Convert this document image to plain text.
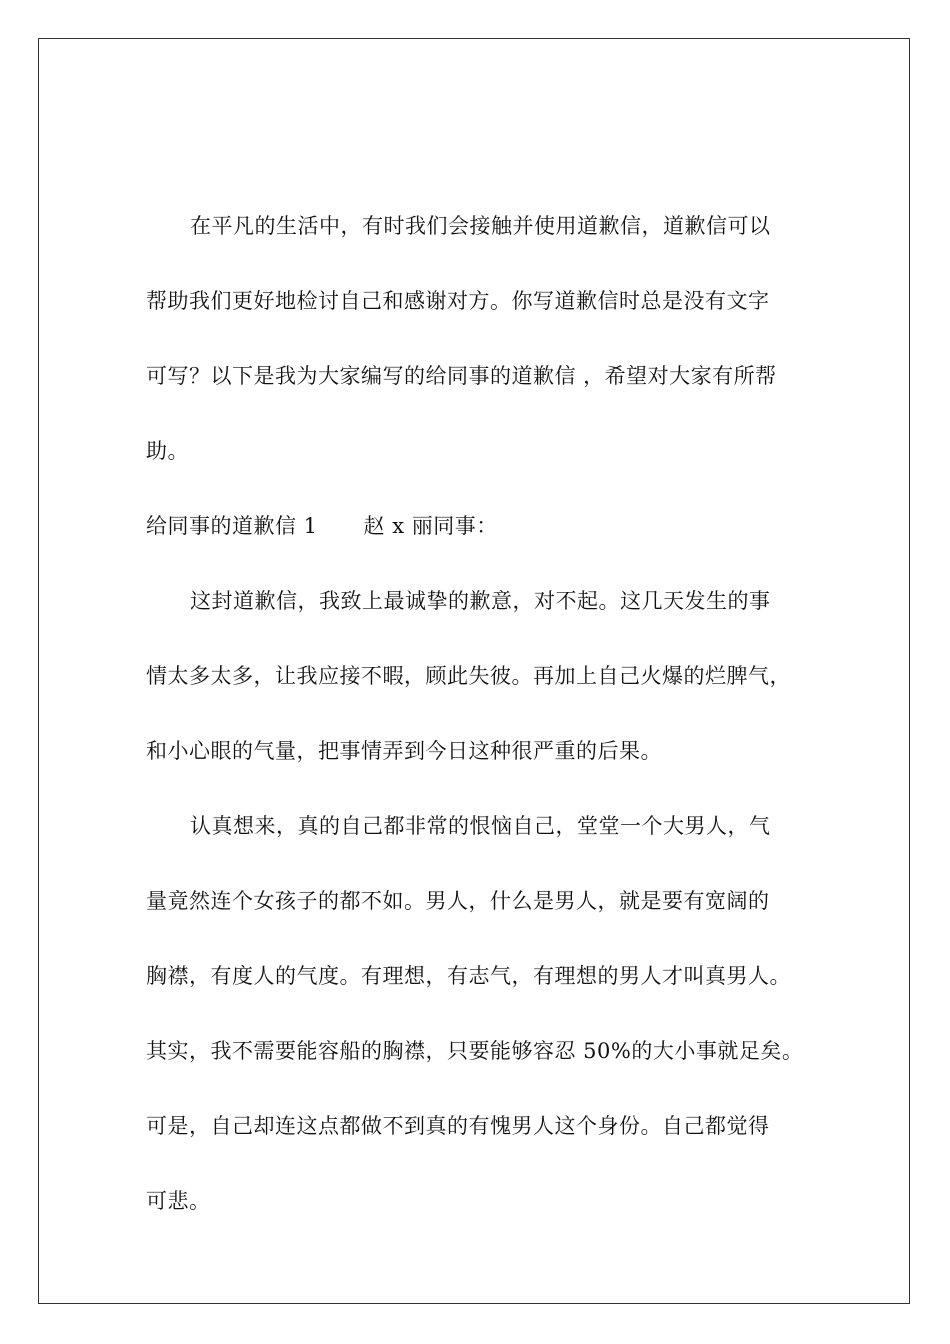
在平凡的生活中，有时我们会接触并使用道歉信，道歉信可以
帮助我们更好地检讨自己和感谢对方。你写道歉信时总是没有文字
可写？以下是我为大家编写的给同事的道歉信 ，希望对大家有所帮
助。
给同事的道歉信 1 赵 x 丽同事：
这封道歉信，我致上最诚挚的歉意，对不起。这几天发生的事
情太多太多，让我应接不暇，顾此失彼。再加上自己火爆的烂脾气，
和小心眼的气量，把事情弄到今日这种很严重的后果。
认真想来，真的自己都非常的恨恼自己，堂堂一个大男人，气
量竟然连个女孩子的都不如。男人，什么是男人，就是要有宽阔的
胸襟，有度人的气度。有理想，有志气，有理想的男人才叫真男人。
其实，我不需要能容船的胸襟，只要能够容忍 50%的大小事就足矣。
可是，自己却连这点都做不到真的有愧男人这个身份。自己都觉得
可悲。
